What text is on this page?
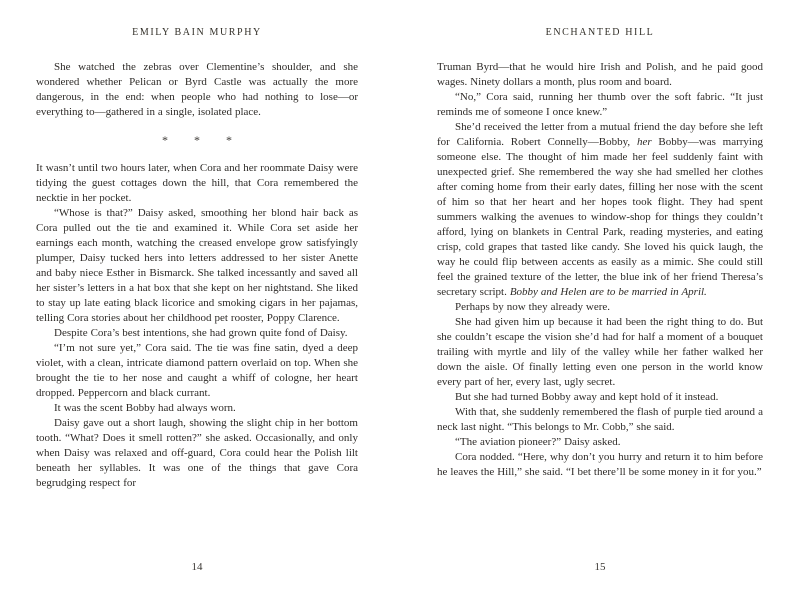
EMILY BAIN MURPHY

She watched the zebras over Clementine’s shoulder, and she wondered whether Pelican or Byrd Castle was actually the more dangerous, in the end: when people who had nothing to lose—or everything to—gathered in a single, isolated place.

* * *

It wasn’t until two hours later, when Cora and her roommate Daisy were tidying the guest cottages down the hill, that Cora remembered the necktie in her pocket.

“Whose is that?” Daisy asked, smoothing her blond hair back as Cora pulled out the tie and examined it. While Cora set aside her earnings each month, watching the creased envelope grow satisfyingly plumper, Daisy tucked hers into letters addressed to her sister Anette and baby niece Esther in Bismarck. She talked incessantly and saved all her sister’s letters in a hat box that she kept on her nightstand. She liked to stay up late eating black licorice and smoking cigars in her pajamas, telling Cora stories about her childhood pet rooster, Poppy Clarence.

Despite Cora’s best intentions, she had grown quite fond of Daisy.

“I’m not sure yet,” Cora said. The tie was fine satin, dyed a deep violet, with a clean, intricate diamond pattern overlaid on top. When she brought the tie to her nose and caught a whiff of cologne, her heart dropped. Peppercorn and black currant.

It was the scent Bobby had always worn.

Daisy gave out a short laugh, showing the slight chip in her bottom tooth. “What? Does it smell rotten?” she asked. Occasionally, and only when Daisy was relaxed and off-guard, Cora could hear the Polish lilt beneath her syllables. It was one of the things that gave Cora begrudging respect for

14
ENCHANTED HILL

Truman Byrd—that he would hire Irish and Polish, and he paid good wages. Ninety dollars a month, plus room and board.

“No,” Cora said, running her thumb over the soft fabric. “It just reminds me of someone I once knew.”

She’d received the letter from a mutual friend the day before she left for California. Robert Connelly—Bobby, her Bobby—was marrying someone else. The thought of him made her feel suddenly faint with unexpected grief. She remembered the way she had smelled her clothes after coming home from their early dates, filling her nose with the scent of him so that her heart and her hopes took flight. They had spent summers walking the avenues to window-shop for things they couldn’t afford, lying on blankets in Central Park, reading mysteries, and eating crisp, cold grapes that tasted like candy. She loved his quick laugh, the way he could flip between accents as easily as a mimic. She could still feel the grained texture of the letter, the blue ink of her friend Theresa’s secretary script. Bobby and Helen are to be married in April.

Perhaps by now they already were.

She had given him up because it had been the right thing to do. But she couldn’t escape the vision she’d had for half a moment of a bouquet trailing with myrtle and lily of the valley while her father walked her down the aisle. Of finally letting even one person in the world know every part of her, every last, ugly secret.

But she had turned Bobby away and kept hold of it instead.

With that, she suddenly remembered the flash of purple tied around a neck last night. “This belongs to Mr. Cobb,” she said.

“The aviation pioneer?” Daisy asked.

Cora nodded. “Here, why don’t you hurry and return it to him before he leaves the Hill,” she said. “I bet there’ll be some money in it for you.”

15
